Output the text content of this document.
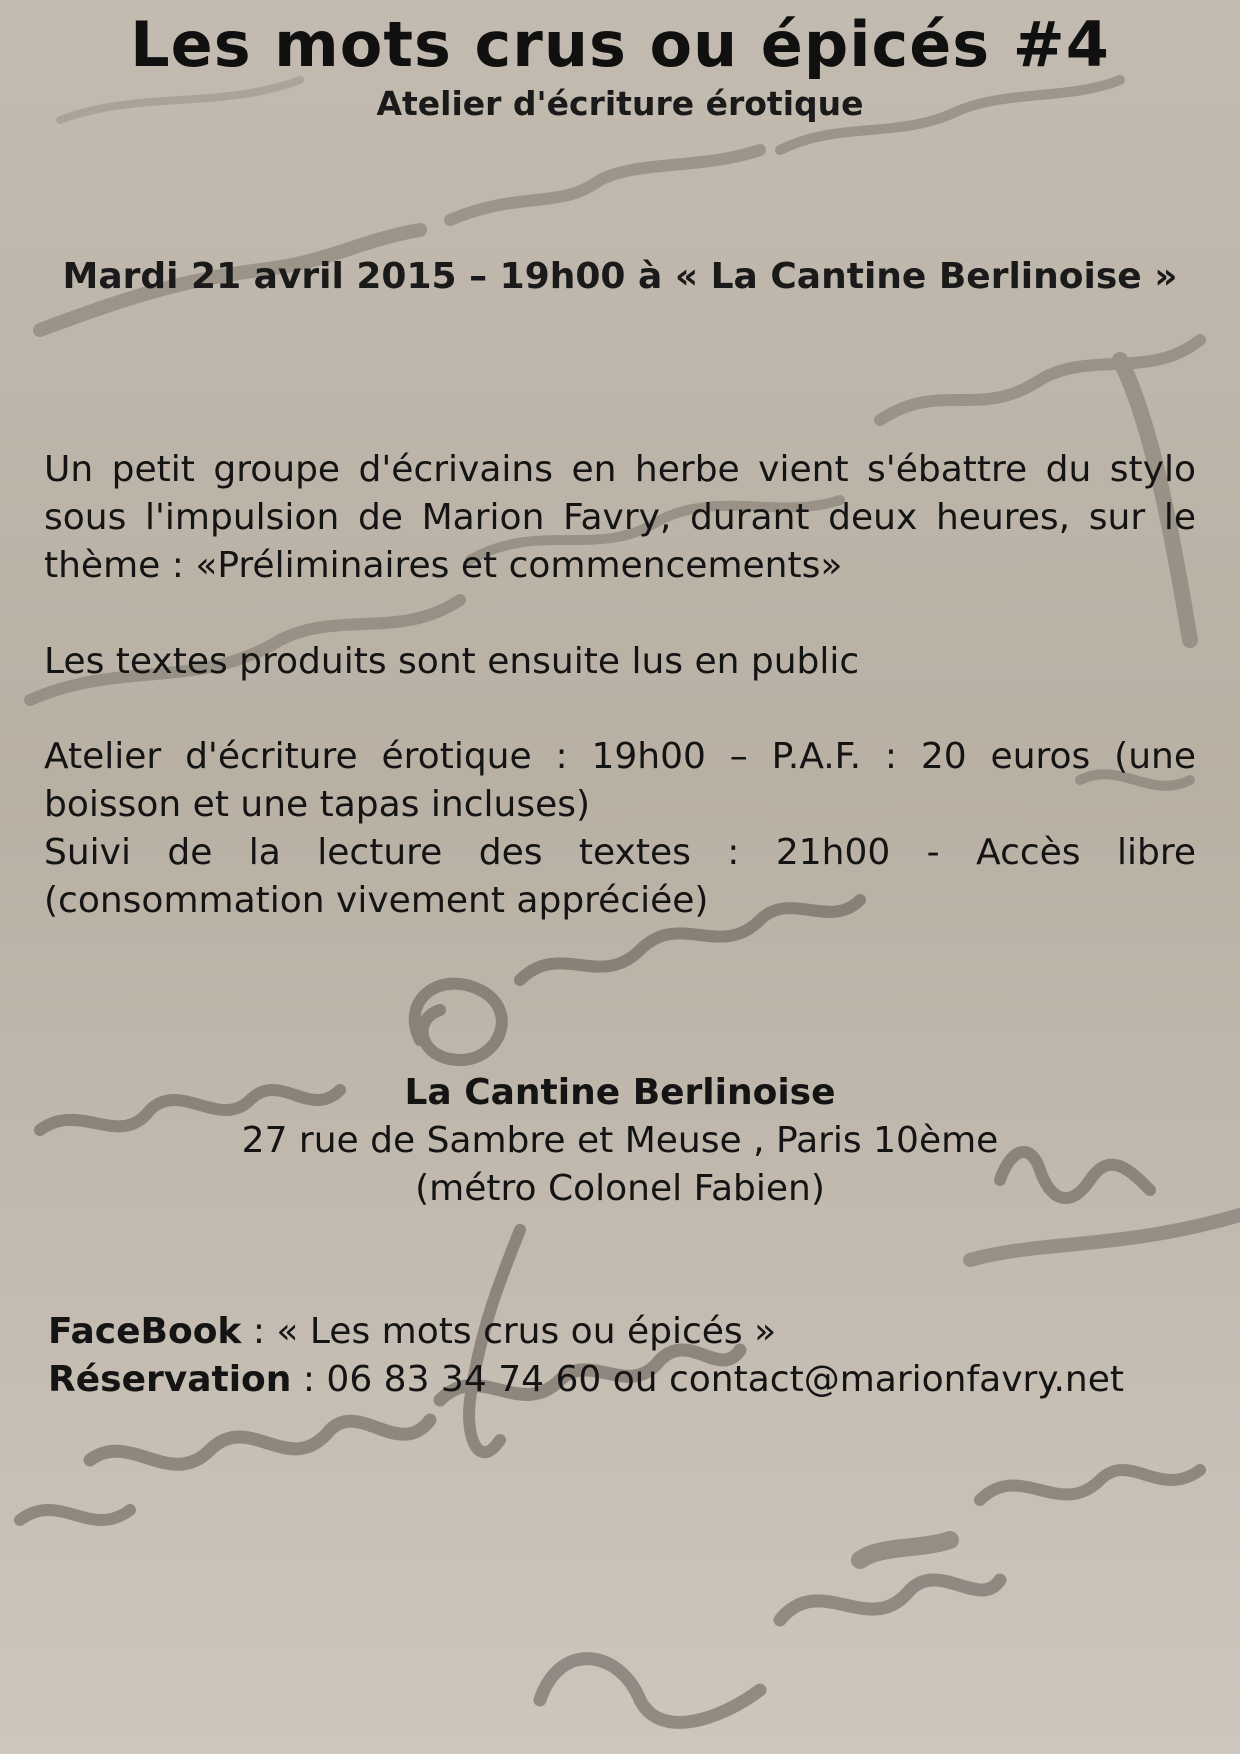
Les mots crus ou épicés #4
Atelier d'écriture érotique
Mardi 21 avril 2015 – 19h00 à « La Cantine Berlinoise »
Un petit groupe d'écrivains en herbe vient s'ébattre du stylo
sous l'impulsion de Marion Favry, durant deux heures, sur le
thème : «Préliminaires et commencements»
Les textes produits sont ensuite lus en public
Atelier d'écriture érotique : 19h00 – P.A.F. : 20 euros (une
boisson et une tapas incluses)
Suivi de la lecture des textes : 21h00 - Accès libre
(consommation vivement appréciée)
La Cantine Berlinoise
27 rue de Sambre et Meuse , Paris 10ème
(métro Colonel Fabien)
FaceBook : « Les mots crus ou épicés »
Réservation : 06 83 34 74 60 ou contact@marionfavry.net
